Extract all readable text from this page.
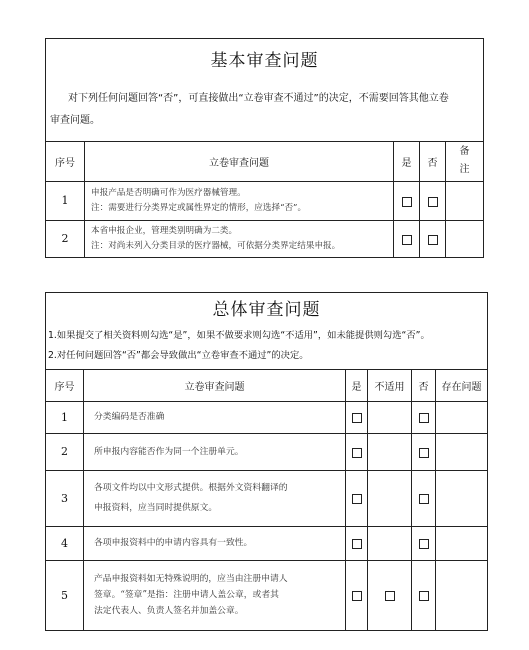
基本审查问题				

对下列任何问题回答“否”，可直接做出“立卷审查不通过”的决定，不需要回答其他立卷
审查问题。				

序号	立卷审查问题	是	否	备
注

1	申报产品是否明确可作为医疗器械管理。
注：需要进行分类界定或属性界定的情形，应选择“否”。			

2	本省申报企业，管理类别明确为二类。
注：对尚未列入分类目录的医疗器械，可依据分类界定结果申报。			

总体审查问题					

1.如果提交了相关资料则勾选“是”，如果不做要求则勾选“不适用”，如未能提供则勾选“否”。
2.对任何问题回答“否”都会导致做出“立卷审查不通过”的决定。					

序号	立卷审查问题	是	不适用	否	存在问题
1	分类编码是否准确				

2	所申报内容能否作为同一个注册单元。				

3	各项文件均以中文形式提供。根据外文资料翻译的
申报资料，应当同时提供原文。				

4	各项申报资料中的申请内容具有一致性。				

5	产品申报资料如无特殊说明的，应当由注册申请人
签章。“签章”是指：注册申请人盖公章，或者其
法定代表人、负责人签名并加盖公章。				
